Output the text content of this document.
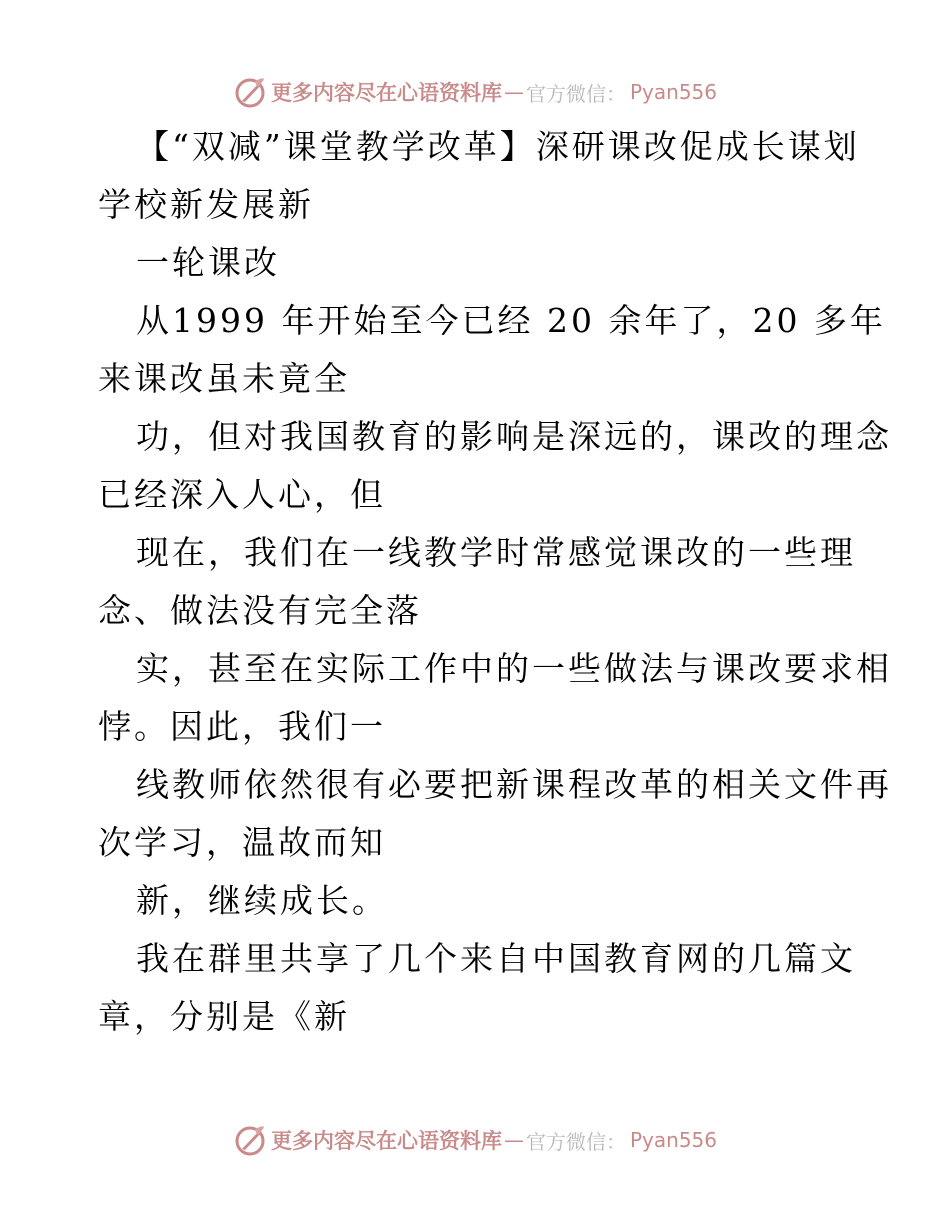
更多内容尽在心语资料库 — 官方微信： Pyan556
【“双减”课堂教学改革】深研课改促成长谋划
学校新发展新
一轮课改
从1999 年开始至今已经 20 余年了，20 多年
来课改虽未竟全
功，但对我国教育的影响是深远的，课改的理念
已经深入人心，但
现在，我们在一线教学时常感觉课改的一些理
念、做法没有完全落
实，甚至在实际工作中的一些做法与课改要求相
悖。因此，我们一
线教师依然很有必要把新课程改革的相关文件再
次学习，温故而知
新，继续成长。
我在群里共享了几个来自中国教育网的几篇文
章，分别是《新
更多内容尽在心语资料库 — 官方微信： Pyan556
